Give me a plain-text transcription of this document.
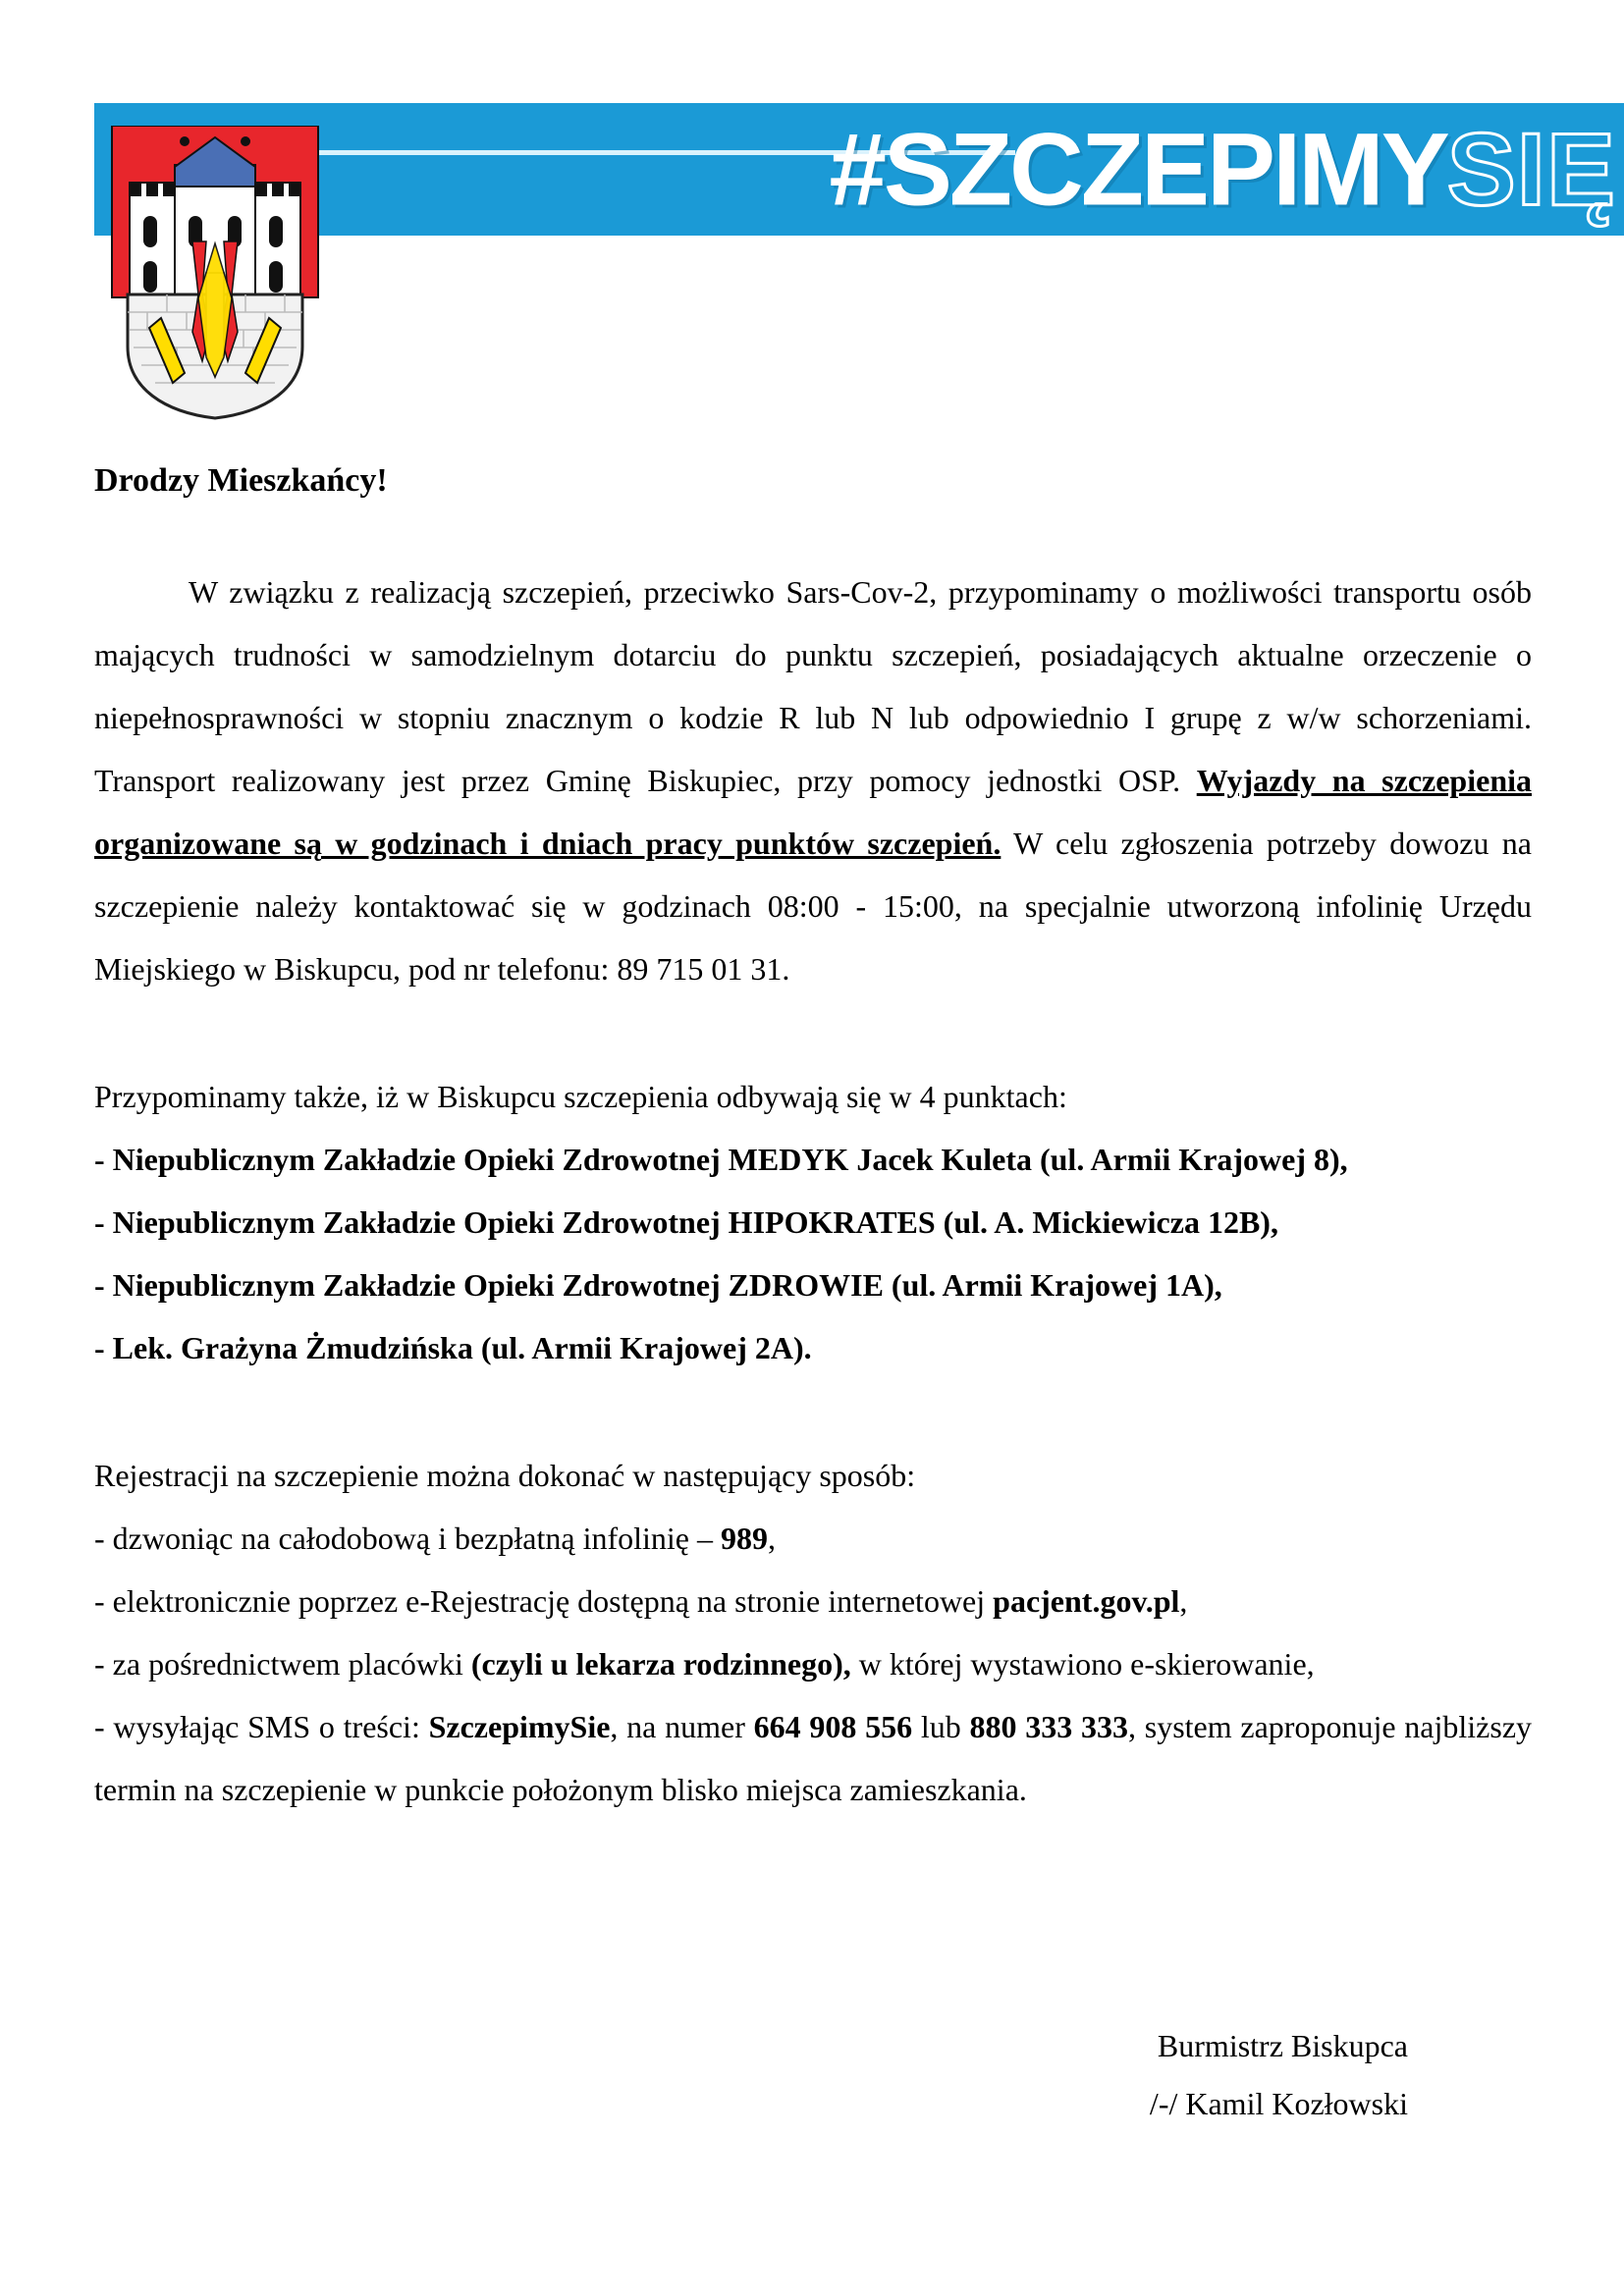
#SZCZEPIMYSIĘ
Drodzy Mieszkańcy!

W związku z realizacją szczepień, przeciwko Sars-Cov-2, przypominamy o możliwości transportu osób mających trudności w samodzielnym dotarciu do punktu szczepień, posiadających aktualne orzeczenie o niepełnosprawności w stopniu znacznym o kodzie R lub N lub odpowiednio I grupę z w/w schorzeniami. Transport realizowany jest przez Gminę Biskupiec, przy pomocy jednostki OSP. Wyjazdy na szczepienia organizowane są w godzinach i dniach pracy punktów szczepień. W celu zgłoszenia potrzeby dowozu na szczepienie należy kontaktować się w godzinach 08:00 - 15:00, na specjalnie utworzoną infolinię Urzędu Miejskiego w Biskupcu, pod nr telefonu: 89 715 01 31.

Przypominamy także, iż w Biskupcu szczepienia odbywają się w 4 punktach:

- Niepublicznym Zakładzie Opieki Zdrowotnej MEDYK Jacek Kuleta (ul. Armii Krajowej 8),

- Niepublicznym Zakładzie Opieki Zdrowotnej HIPOKRATES (ul. A. Mickiewicza 12B),

- Niepublicznym Zakładzie Opieki Zdrowotnej ZDROWIE (ul. Armii Krajowej 1A),

- Lek. Grażyna Żmudzińska (ul. Armii Krajowej 2A).

Rejestracji na szczepienie można dokonać w następujący sposób:

- dzwoniąc na całodobową i bezpłatną infolinię – 989,

- elektronicznie poprzez e-Rejestrację dostępną na stronie internetowej pacjent.gov.pl,

- za pośrednictwem placówki (czyli u lekarza rodzinnego), w której wystawiono e-skierowanie,

- wysyłając SMS o treści: SzczepimySie, na numer 664 908 556 lub 880 333 333, system zaproponuje najbliższy termin na szczepienie w punkcie położonym blisko miejsca zamieszkania.

Burmistrz Biskupca
/-/ Kamil Kozłowski
